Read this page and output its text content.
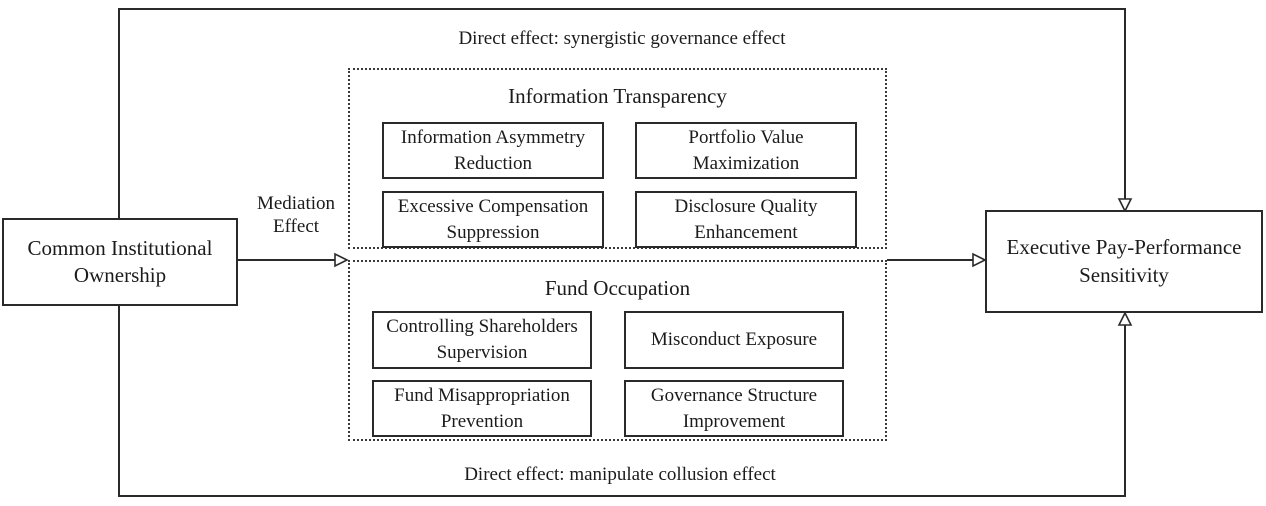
Direct effect: synergistic governance effect
Direct effect: manipulate collusion effect
Mediation Effect
Common Institutional Ownership
Executive Pay-Performance Sensitivity
Information Transparency
Information Asymmetry Reduction
Portfolio Value Maximization
Excessive Compensation Suppression
Disclosure Quality Enhancement
Fund Occupation
Controlling Shareholders Supervision
Misconduct Exposure
Fund Misappropriation Prevention
Governance Structure Improvement
